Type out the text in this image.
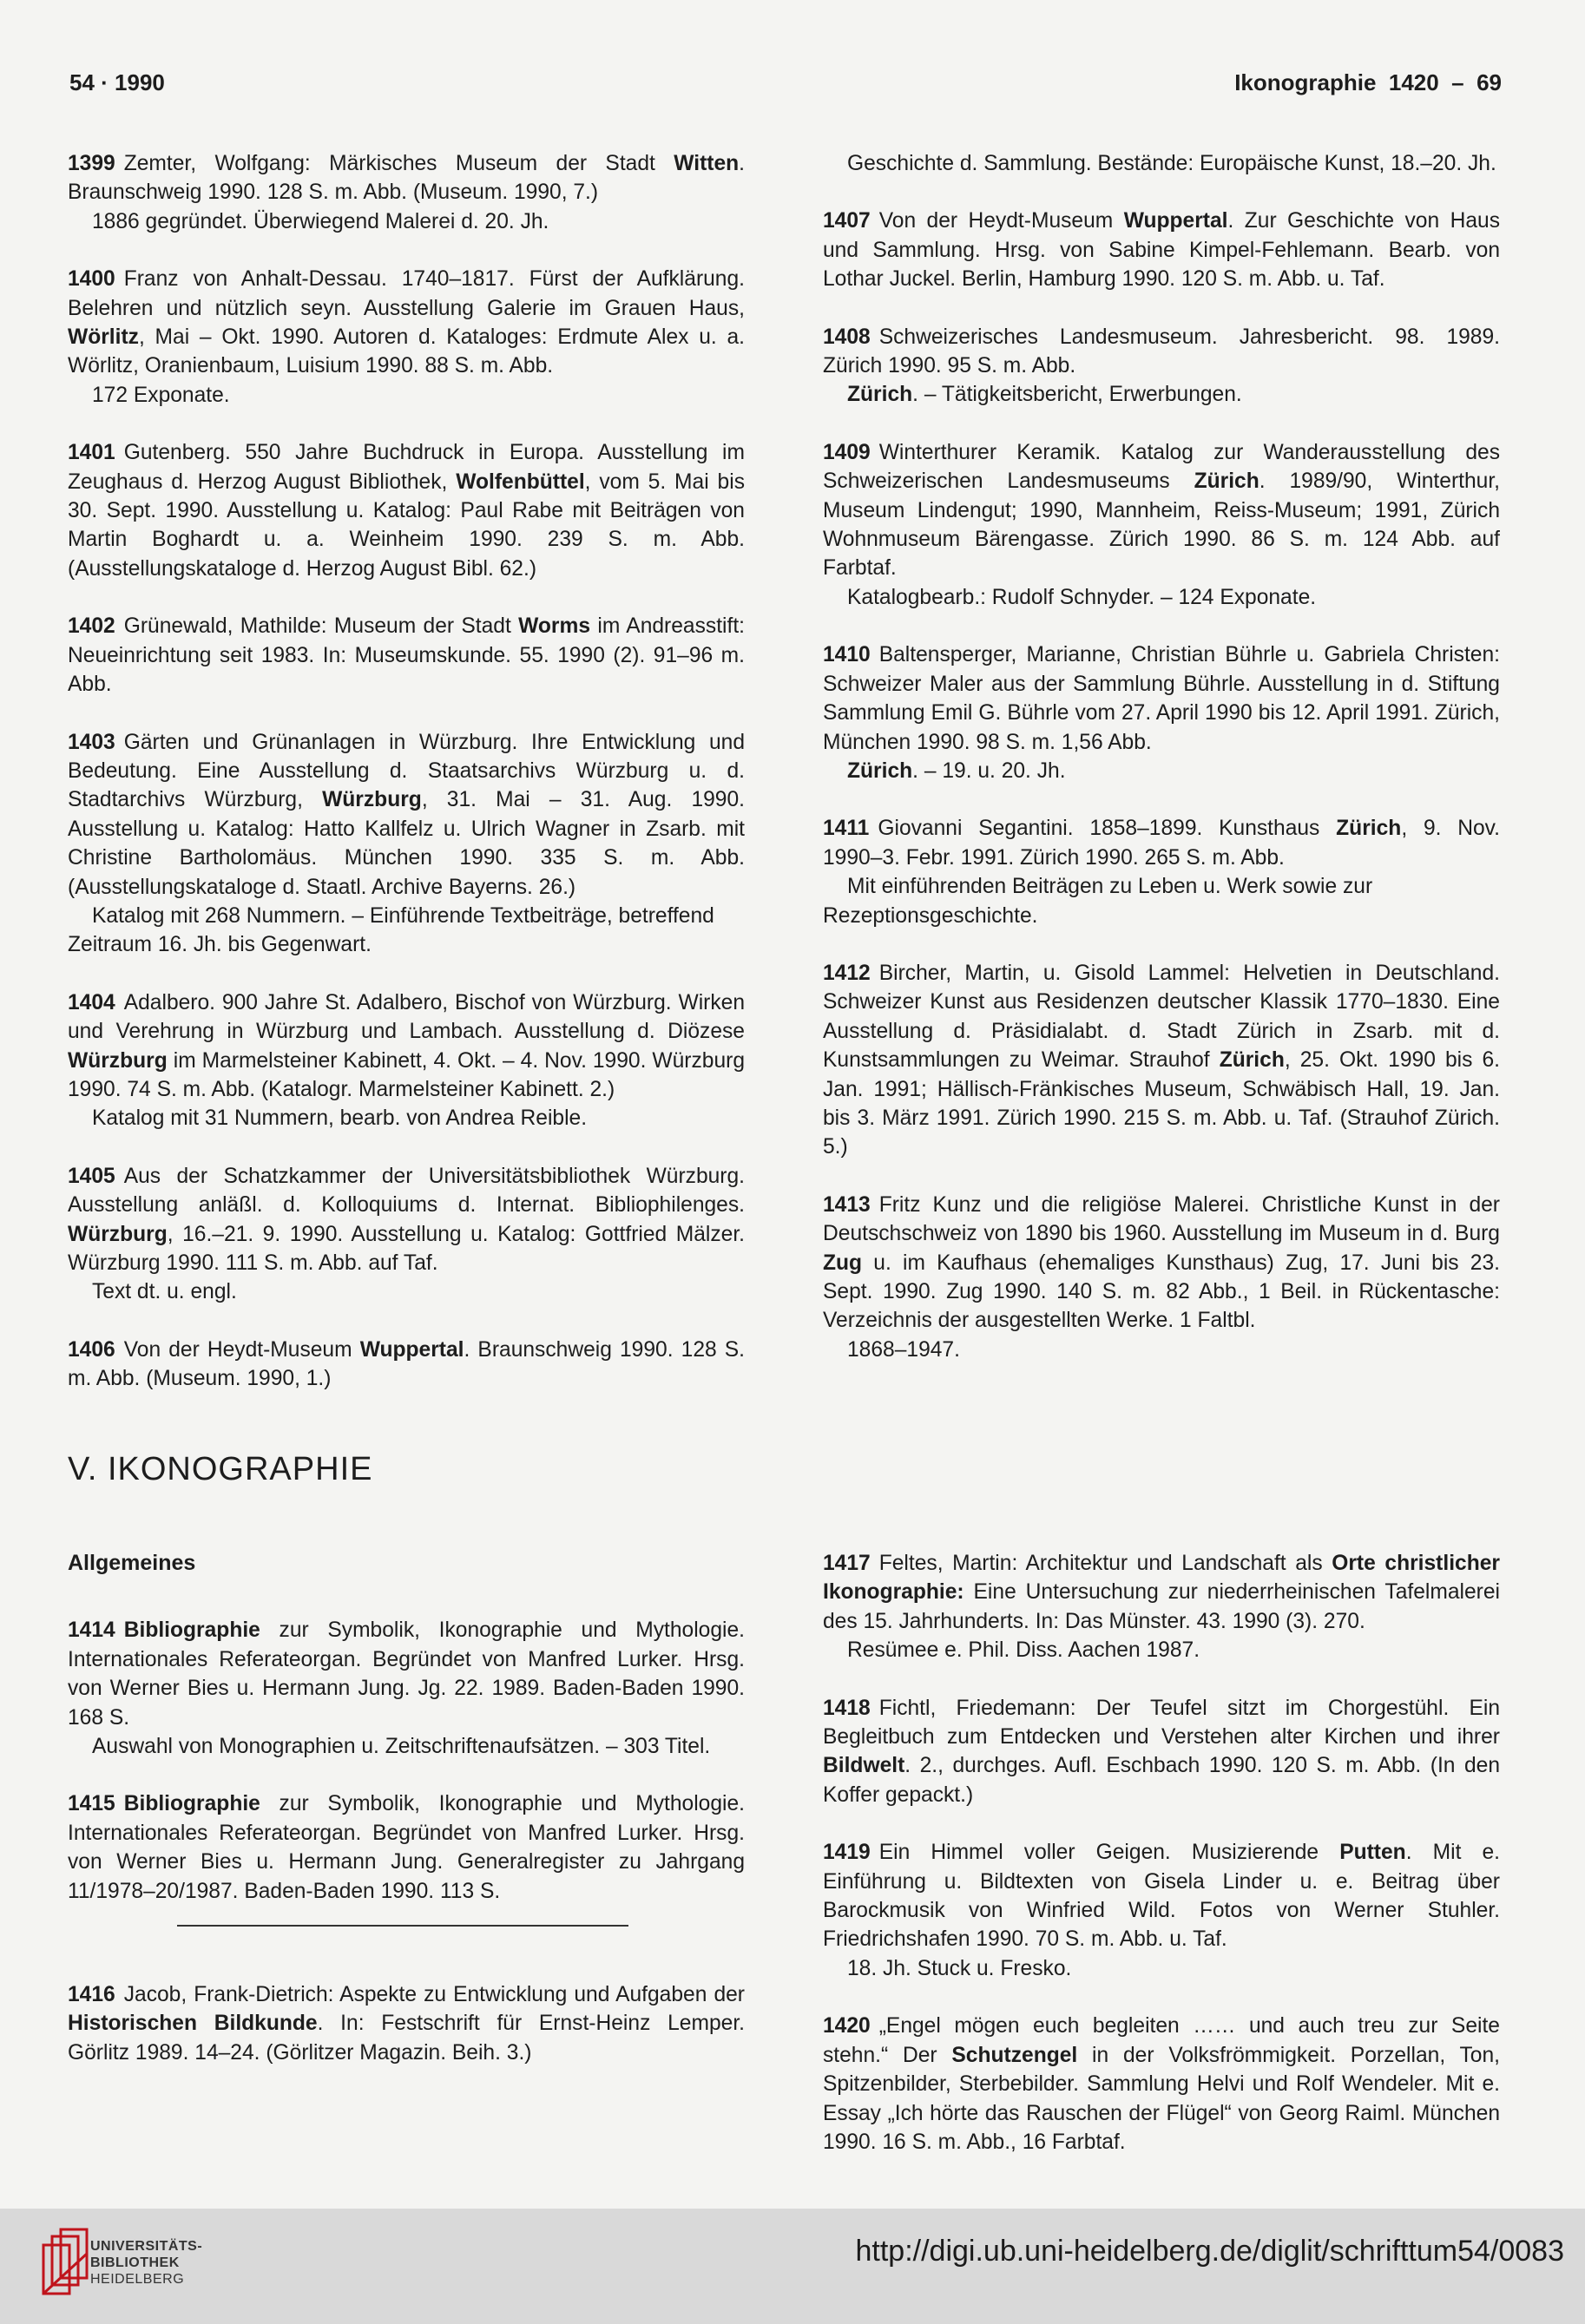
54 · 1990	Ikonographie  1420  –  69

1399 Zemter, Wolfgang: Märkisches Museum der Stadt Witten. Braunschweig 1990. 128 S. m. Abb. (Museum. 1990, 7.)
1886 gegründet. Überwiegend Malerei d. 20. Jh.

1400 Franz von Anhalt-Dessau. 1740–1817. Fürst der Aufklärung. Belehren und nützlich seyn. Ausstellung Galerie im Grauen Haus, Wörlitz, Mai – Okt. 1990. Autoren d. Kataloges: Erdmute Alex u. a. Wörlitz, Oranienbaum, Luisium 1990. 88 S. m. Abb.
172 Exponate.

1401 Gutenberg. 550 Jahre Buchdruck in Europa. Ausstellung im Zeughaus d. Herzog August Bibliothek, Wolfenbüttel, vom 5. Mai bis 30. Sept. 1990. Ausstellung u. Katalog: Paul Rabe mit Beiträgen von Martin Boghardt u. a. Weinheim 1990. 239 S. m. Abb. (Ausstellungskataloge d. Herzog August Bibl. 62.)

1402 Grünewald, Mathilde: Museum der Stadt Worms im Andreasstift: Neueinrichtung seit 1983. In: Museumskunde. 55. 1990 (2). 91–96 m. Abb.

1403 Gärten und Grünanlagen in Würzburg. Ihre Entwicklung und Bedeutung. Eine Ausstellung d. Staatsarchivs Würzburg u. d. Stadtarchivs Würzburg, Würzburg, 31. Mai – 31. Aug. 1990. Ausstellung u. Katalog: Hatto Kallfelz u. Ulrich Wagner in Zsarb. mit Christine Bartholomäus. München 1990. 335 S. m. Abb. (Ausstellungskataloge d. Staatl. Archive Bayerns. 26.)
Katalog mit 268 Nummern. – Einführende Textbeiträge, betreffend Zeitraum 16. Jh. bis Gegenwart.

1404 Adalbero. 900 Jahre St. Adalbero, Bischof von Würzburg. Wirken und Verehrung in Würzburg und Lambach. Ausstellung d. Diözese Würzburg im Marmelsteiner Kabinett, 4. Okt. – 4. Nov. 1990. Würzburg 1990. 74 S. m. Abb. (Katalogr. Marmelsteiner Kabinett. 2.)
Katalog mit 31 Nummern, bearb. von Andrea Reible.

1405 Aus der Schatzkammer der Universitätsbibliothek Würzburg. Ausstellung anläßl. d. Kolloquiums d. Internat. Bibliophilenges. Würzburg, 16.–21. 9. 1990. Ausstellung u. Katalog: Gottfried Mälzer. Würzburg 1990. 111 S. m. Abb. auf Taf.
Text dt. u. engl.

1406 Von der Heydt-Museum Wuppertal. Braunschweig 1990. 128 S. m. Abb. (Museum. 1990, 1.)

Geschichte d. Sammlung. Bestände: Europäische Kunst, 18.–20. Jh.

1407 Von der Heydt-Museum Wuppertal. Zur Geschichte von Haus und Sammlung. Hrsg. von Sabine Kimpel-Fehlemann. Bearb. von Lothar Juckel. Berlin, Hamburg 1990. 120 S. m. Abb. u. Taf.

1408 Schweizerisches Landesmuseum. Jahresbericht. 98. 1989. Zürich 1990. 95 S. m. Abb.
Zürich. – Tätigkeitsbericht, Erwerbungen.

1409 Winterthurer Keramik. Katalog zur Wanderausstellung des Schweizerischen Landesmuseums Zürich. 1989/90, Winterthur, Museum Lindengut; 1990, Mannheim, Reiss-Museum; 1991, Zürich Wohnmuseum Bärengasse. Zürich 1990. 86 S. m. 124 Abb. auf Farbtaf.
Katalogbearb.: Rudolf Schnyder. – 124 Exponate.

1410 Baltensperger, Marianne, Christian Bührle u. Gabriela Christen: Schweizer Maler aus der Sammlung Bührle. Ausstellung in d. Stiftung Sammlung Emil G. Bührle vom 27. April 1990 bis 12. April 1991. Zürich, München 1990. 98 S. m. 1,56 Abb.
Zürich. – 19. u. 20. Jh.

1411 Giovanni Segantini. 1858–1899. Kunsthaus Zürich, 9. Nov. 1990–3. Febr. 1991. Zürich 1990. 265 S. m. Abb.
Mit einführenden Beiträgen zu Leben u. Werk sowie zur Rezeptionsgeschichte.

1412 Bircher, Martin, u. Gisold Lammel: Helvetien in Deutschland. Schweizer Kunst aus Residenzen deutscher Klassik 1770–1830. Eine Ausstellung d. Präsidialabt. d. Stadt Zürich in Zsarb. mit d. Kunstsammlungen zu Weimar. Strauhof Zürich, 25. Okt. 1990 bis 6. Jan. 1991; Hällisch-Fränkisches Museum, Schwäbisch Hall, 19. Jan. bis 3. März 1991. Zürich 1990. 215 S. m. Abb. u. Taf. (Strauhof Zürich. 5.)

1413 Fritz Kunz und die religiöse Malerei. Christliche Kunst in der Deutschschweiz von 1890 bis 1960. Ausstellung im Museum in d. Burg Zug u. im Kaufhaus (ehemaliges Kunsthaus) Zug, 17. Juni bis 23. Sept. 1990. Zug 1990. 140 S. m. 82 Abb., 1 Beil. in Rückentasche: Verzeichnis der ausgestellten Werke. 1 Faltbl.
1868–1947.

V. IKONOGRAPHIE
Allgemeines

1414 Bibliographie zur Symbolik, Ikonographie und Mythologie. Internationales Referateorgan. Begründet von Manfred Lurker. Hrsg. von Werner Bies u. Hermann Jung. Jg. 22. 1989. Baden-Baden 1990. 168 S.
Auswahl von Monographien u. Zeitschriftenaufsätzen. – 303 Titel.

1415 Bibliographie zur Symbolik, Ikonographie und Mythologie. Internationales Referateorgan. Begründet von Manfred Lurker. Hrsg. von Werner Bies u. Hermann Jung. Generalregister zu Jahrgang 11/1978–20/1987. Baden-Baden 1990. 113 S.

1416 Jacob, Frank-Dietrich: Aspekte zu Entwicklung und Aufgaben der Historischen Bildkunde. In: Festschrift für Ernst-Heinz Lemper. Görlitz 1989. 14–24. (Görlitzer Magazin. Beih. 3.)

1417 Feltes, Martin: Architektur und Landschaft als Orte christlicher Ikonographie: Eine Untersuchung zur niederrheinischen Tafelmalerei des 15. Jahrhunderts. In: Das Münster. 43. 1990 (3). 270.
Resümee e. Phil. Diss. Aachen 1987.

1418 Fichtl, Friedemann: Der Teufel sitzt im Chorgestühl. Ein Begleitbuch zum Entdecken und Verstehen alter Kirchen und ihrer Bildwelt. 2., durchges. Aufl. Eschbach 1990. 120 S. m. Abb. (In den Koffer gepackt.)

1419 Ein Himmel voller Geigen. Musizierende Putten. Mit e. Einführung u. Bildtexten von Gisela Linder u. e. Beitrag über Barockmusik von Winfried Wild. Fotos von Werner Stuhler. Friedrichshafen 1990. 70 S. m. Abb. u. Taf.
18. Jh. Stuck u. Fresko.

1420 „Engel mögen euch begleiten …… und auch treu zur Seite stehn.“ Der Schutzengel in der Volksfrömmigkeit. Porzellan, Ton, Spitzenbilder, Sterbebilder. Sammlung Helvi und Rolf Wendeler. Mit e. Essay „Ich hörte das Rauschen der Flügel“ von Georg Raiml. München 1990. 16 S. m. Abb., 16 Farbtaf.

UNIVERSITÄTS-
BIBLIOTHEK
HEIDELBERG
http://digi.ub.uni-heidelberg.de/diglit/schrifttum54/0083
